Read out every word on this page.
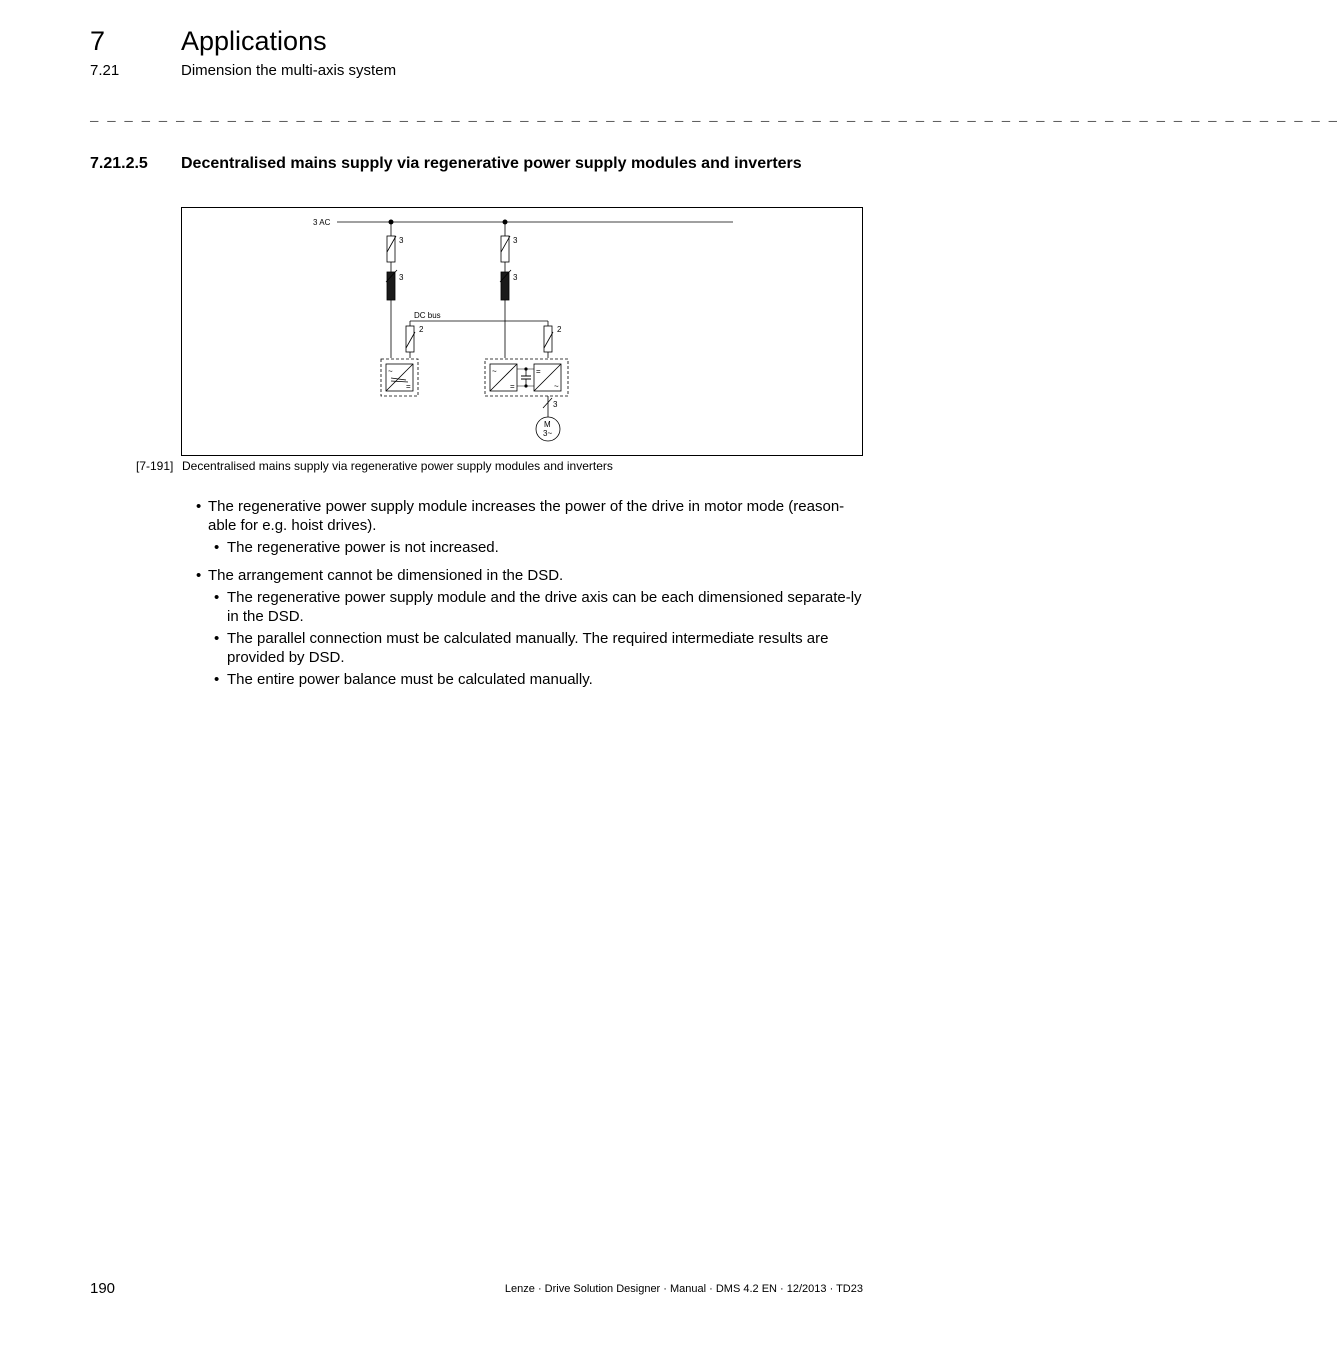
7	Applications
7.21	Dimension the multi-axis system
_ _ _ _ _ _ _ _ _ _ _ _ _ _ _ _ _ _ _ _ _ _ _ _ _ _ _ _ _ _ _ _ _ _ _ _ _ _ _ _ _ _ _ _ _ _ _ _ _ _ _ _ _ _ _ _ _ _ _ _ _ _ _ _ _ _ _ _ _ _ _ _ _
7.21.2.5 Decentralised mains supply via regenerative power supply modules and inverters
3 AC
3
3
3
3
DC bus
2	2
~
=
~
=
=
~
3
M
3~
[7-191] Decentralised mains supply via regenerative power supply modules and inverters
• The regenerative power supply module increases the power of the drive in motor mode (reason-able for e.g. hoist drives).
• The regenerative power is not increased.
• The arrangement cannot be dimensioned in the DSD.
• The regenerative power supply module and the drive axis can be each dimensioned separate-ly in the DSD.
• The parallel connection must be calculated manually. The required intermediate results are provided by DSD.
• The entire power balance must be calculated manually.
190	Lenze · Drive Solution Designer · Manual · DMS 4.2 EN · 12/2013 · TD23
